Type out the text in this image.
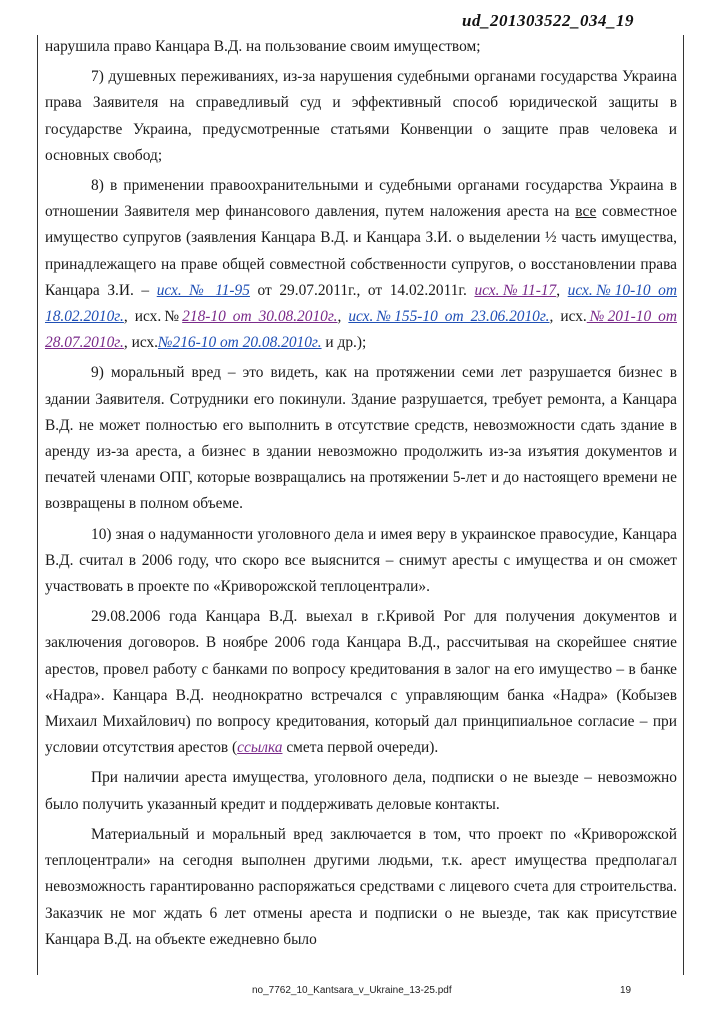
ud_201303522_034_19

нарушила право Канцара В.Д. на пользование своим имуществом;

7) душевных переживаниях, из-за нарушения судебными органами государства Украина права Заявителя на справедливый суд и эффективный способ юридической защиты в государстве Украина, предусмотренные статьями Конвенции о защите прав человека и основных свобод;

8) в применении правоохранительными и судебными органами государства Украина в отношении Заявителя мер финансового давления, путем наложения ареста на все совместное имущество супругов (заявления Канцара В.Д. и Канцара З.И. о выделении ½ часть имущества, принадлежащего на праве общей совместной собственности супругов, о восстановлении права Канцара З.И. – исх. № 11-95 от 29.07.2011г., от 14.02.2011г. исх.№11-17, исх.№10-10 от 18.02.2010г., исх.№218-10 от 30.08.2010г., исх.№155-10 от 23.06.2010г., исх.№201-10 от 28.07.2010г., исх.№216-10 от 20.08.2010г. и др.);

9) моральный вред – это видеть, как на протяжении семи лет разрушается бизнес в здании Заявителя. Сотрудники его покинули. Здание разрушается, требует ремонта, а Канцара В.Д. не может полностью его выполнить в отсутствие средств, невозможности сдать здание в аренду из-за ареста, а бизнес в здании невозможно продолжить из-за изъятия документов и печатей членами ОПГ, которые возвращались на протяжении 5-лет и до настоящего времени не возвращены в полном объеме.

10) зная о надуманности уголовного дела и имея веру в украинское правосудие, Канцара В.Д. считал в 2006 году, что скоро все выяснится – снимут аресты с имущества и он сможет участвовать в проекте по «Криворожской теплоцентрали».

29.08.2006 года Канцара В.Д. выехал в г.Кривой Рог для получения документов и заключения договоров. В ноябре 2006 года Канцара В.Д., рассчитывая на скорейшее снятие арестов, провел работу с банками по вопросу кредитования в залог на его имущество – в банке «Надра». Канцара В.Д. неоднократно встречался с управляющим банка «Надра» (Кобызев Михаил Михайлович) по вопросу кредитования, который дал принципиальное согласие – при условии отсутствия арестов (ссылка смета первой очереди).

При наличии ареста имущества, уголовного дела, подписки о не выезде – невозможно было получить указанный кредит и поддерживать деловые контакты.

Материальный и моральный вред заключается в том, что проект по «Криворожской теплоцентрали» на сегодня выполнен другими людьми, т.к. арест имущества предполагал невозможность гарантированно распоряжаться средствами с лицевого счета для строительства. Заказчик не мог ждать 6 лет отмены ареста и подписки о не выезде, так как присутствие Канцара В.Д. на объекте ежедневно было

no_7762_10_Kantsara_v_Ukraine_13-25.pdf	19
